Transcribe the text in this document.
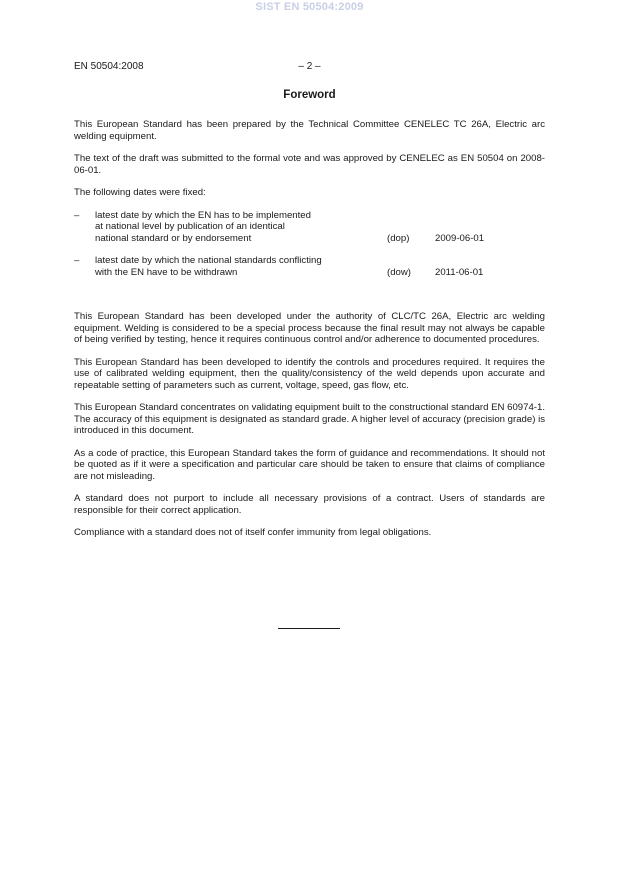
SIST EN 50504:2009
EN 50504:2008	– 2 –
Foreword

This European Standard has been prepared by the Technical Committee CENELEC TC 26A, Electric arc welding equipment.

The text of the draft was submitted to the formal vote and was approved by CENELEC as EN 50504 on 2008-06-01.

The following dates were fixed:

–	latest date by which the EN has to be implemented
at national level by publication of an identical
national standard or by endorsement	(dop)	2009-06-01
–	latest date by which the national standards conflicting
with the EN have to be withdrawn	(dow)	2011-06-01

This European Standard has been developed under the authority of CLC/TC 26A, Electric arc welding equipment. Welding is considered to be a special process because the final result may not always be capable of being verified by testing, hence it requires continuous control and/or adherence to documented procedures.

This European Standard has been developed to identify the controls and procedures required. It requires the use of calibrated welding equipment, then the quality/consistency of the weld depends upon accurate and repeatable setting of parameters such as current, voltage, speed, gas flow, etc.

This European Standard concentrates on validating equipment built to the constructional standard EN 60974-1. The accuracy of this equipment is designated as standard grade. A higher level of accuracy (precision grade) is introduced in this document.

As a code of practice, this European Standard takes the form of guidance and recommendations. It should not be quoted as if it were a specification and particular care should be taken to ensure that claims of compliance are not misleading.

A standard does not purport to include all necessary provisions of a contract. Users of standards are responsible for their correct application.

Compliance with a standard does not of itself confer immunity from legal obligations.
